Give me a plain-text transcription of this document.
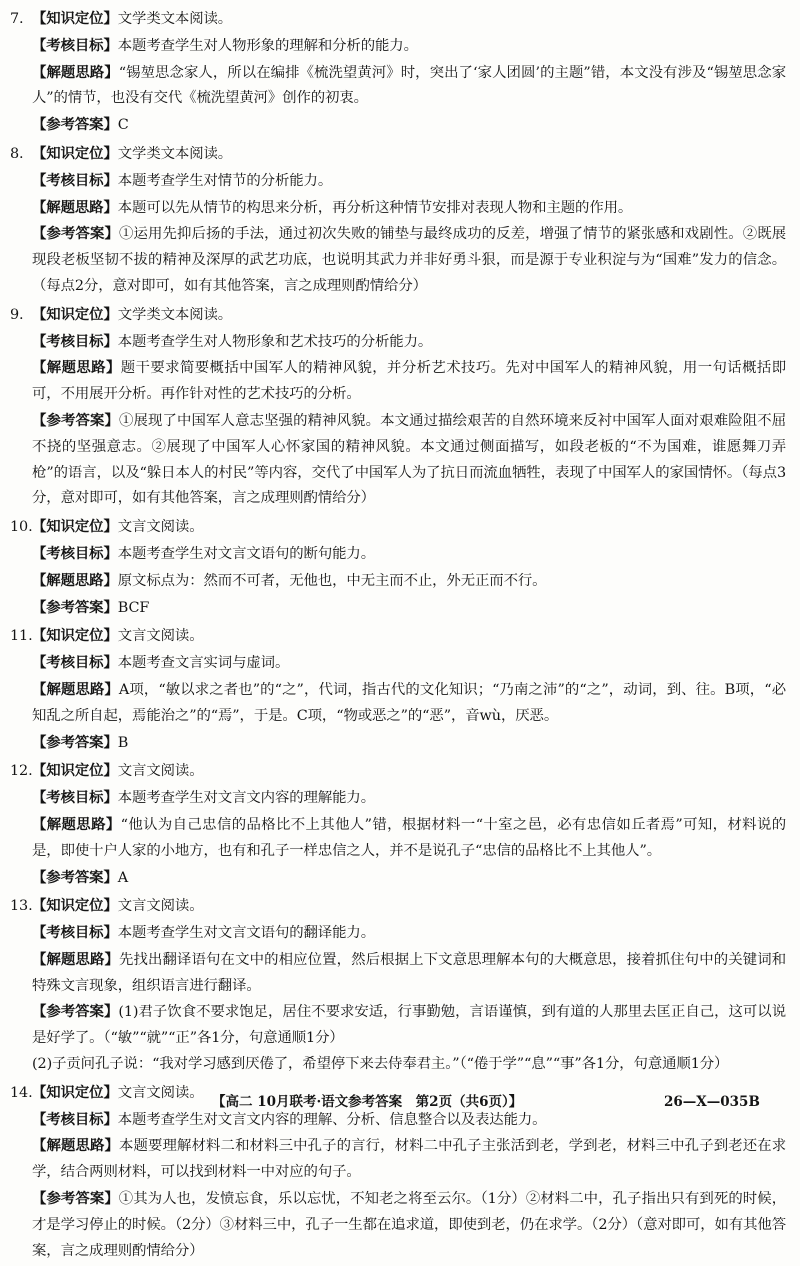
7. 【知识定位】文学类文本阅读。
【考核目标】本题考查学生对人物形象的理解和分析的能力。
【解题思路】“锡堃思念家人，所以在编排《梳洗望黄河》时，突出了‘家人团圆’的主题”错，本文没有涉及“锡堃思念家人”的情节，也没有交代《梳洗望黄河》创作的初衷。
【参考答案】C
8. 【知识定位】文学类文本阅读。
【考核目标】本题考查学生对情节的分析能力。
【解题思路】本题可以先从情节的构思来分析，再分析这种情节安排对表现人物和主题的作用。
【参考答案】①运用先抑后扬的手法，通过初次失败的铺垫与最终成功的反差，增强了情节的紧张感和戏剧性。②既展现段老板坚韧不拔的精神及深厚的武艺功底，也说明其武力并非好勇斗狠，而是源于专业积淀与为“国难”发力的信念。（每点2分，意对即可，如有其他答案，言之成理则酌情给分）
9. 【知识定位】文学类文本阅读。
【考核目标】本题考查学生对人物形象和艺术技巧的分析能力。
【解题思路】题干要求简要概括中国军人的精神风貌，并分析艺术技巧。先对中国军人的精神风貌，用一句话概括即可，不用展开分析。再作针对性的艺术技巧的分析。
【参考答案】①展现了中国军人意志坚强的精神风貌。本文通过描绘艰苦的自然环境来反衬中国军人面对艰难险阻不屈不挠的坚强意志。②展现了中国军人心怀家国的精神风貌。本文通过侧面描写，如段老板的“不为国难，谁愿舞刀弄枪”的语言，以及“躲日本人的村民”等内容，交代了中国军人为了抗日而流血牺牲，表现了中国军人的家国情怀。（每点3分，意对即可，如有其他答案，言之成理则酌情给分）
10.【知识定位】文言文阅读。
【考核目标】本题考查学生对文言文语句的断句能力。
【解题思路】原文标点为：然而不可者，无他也，中无主而不止，外无正而不行。
【参考答案】BCF
11.【知识定位】文言文阅读。
【考核目标】本题考查文言实词与虚词。
【解题思路】A项，“敏以求之者也”的“之”，代词，指古代的文化知识；“乃南之沛”的“之”，动词，到、往。B项，“必知乱之所自起，焉能治之”的“焉”，于是。C项，“物或恶之”的“恶”，音wù，厌恶。
【参考答案】B
12.【知识定位】文言文阅读。
【考核目标】本题考查学生对文言文内容的理解能力。
【解题思路】“他认为自己忠信的品格比不上其他人”错，根据材料一“十室之邑，必有忠信如丘者焉”可知，材料说的是，即使十户人家的小地方，也有和孔子一样忠信之人，并不是说孔子“忠信的品格比不上其他人”。
【参考答案】A
13.【知识定位】文言文阅读。
【考核目标】本题考查学生对文言文语句的翻译能力。
【解题思路】先找出翻译语句在文中的相应位置，然后根据上下文意思理解本句的大概意思，接着抓住句中的关键词和特殊文言现象，组织语言进行翻译。
【参考答案】(1)君子饮食不要求饱足，居住不要求安适，行事勤勉，言语谨慎，到有道的人那里去匡正自己，这可以说是好学了。（“敏”“就”“正”各1分，句意通顺1分）
(2)子贡问孔子说：“我对学习感到厌倦了，希望停下来去侍奉君主。”（“倦于学”“息”“事”各1分，句意通顺1分）
14.【知识定位】文言文阅读。
【考核目标】本题考查学生对文言文内容的理解、分析、信息整合以及表达能力。
【解题思路】本题要理解材料二和材料三中孔子的言行，材料二中孔子主张活到老，学到老，材料三中孔子到老还在求学，结合两则材料，可以找到材料一中对应的句子。
【参考答案】①其为人也，发愤忘食，乐以忘忧，不知老之将至云尔。（1分）②材料二中，孔子指出只有到死的时候，才是学习停止的时候。（2分）③材料三中，孔子一生都在追求道，即使到老，仍在求学。（2分）（意对即可，如有其他答案，言之成理则酌情给分）
【高二 10月联考·语文参考答案　第2页（共6页）】	26—X—035B
